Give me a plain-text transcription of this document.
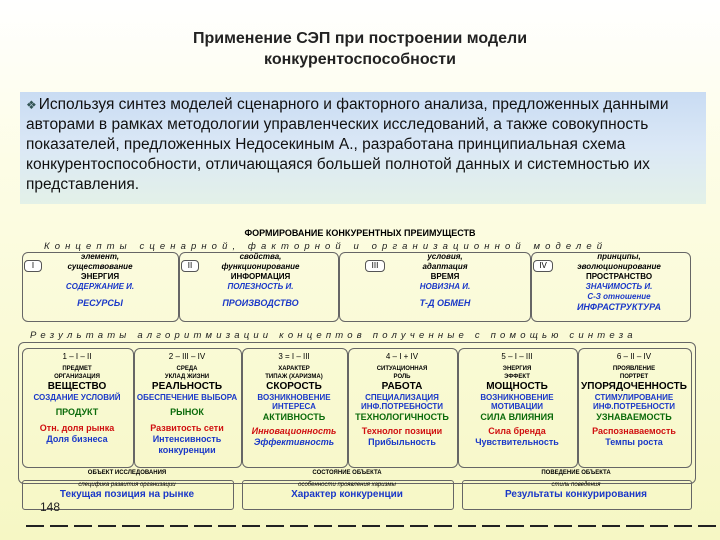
Применение СЭП при построении модели
конкурентоспособности
❖ Используя синтез моделей сценарного и факторного анализа, предложенных данными авторами в рамках методологии управленческих исследований, а также совокупность показателей, предложенных Недосекиным А., разработана принципиальная схема конкурентоспособности, отличающаяся большей полнотой данных и системностью их представления.
ФОРМИРОВАНИЕ КОНКУРЕНТНЫХ ПРЕИМУЩЕСТВ
Концепты сценарной, факторной и организационной моделей
I
элемент,
существование
ЭНЕРГИЯ
СОДЕРЖАНИЕ И.
РЕСУРСЫ
II
свойства,
функционирование
ИНФОРМАЦИЯ
ПОЛЕЗНОСТЬ И.
ПРОИЗВОДСТВО
III
условия,
адаптация
ВРЕМЯ
НОВИЗНА И.
Т-Д ОБМЕН
IV
принципы,
эволюционирование
ПРОСТРАНСТВО
ЗНАЧИМОСТЬ И.
С-З отношение
ИНФРАСТРУКТУРА
Результаты алгоритмизации концептов полученные с помощью синтеза
1 – I – II
ПРЕДМЕТ
ОРГАНИЗАЦИЯ
ВЕЩЕСТВО
СОЗДАНИЕ УСЛОВИЙ
ПРОДУКТ
Отн. доля рынка
Доля бизнеса
2 – III – IV
СРЕДА
УКЛАД ЖИЗНИ
РЕАЛЬНОСТЬ
ОБЕСПЕЧЕНИЕ ВЫБОРА
РЫНОК
Развитость сети
Интенсивность
конкуренции
3 = I – III
ХАРАКТЕР
ТИПАЖ (ХАРИЗМА)
СКОРОСТЬ
ВОЗНИКНОВЕНИЕ
ИНТЕРЕСА
АКТИВНОСТЬ
Инновационность
Эффективность
4 – I + IV
СИТУАЦИОННАЯ
РОЛЬ
РАБОТА
СПЕЦИАЛИЗАЦИЯ
ИНФ.ПОТРЕБНОСТИ
ТЕХНОЛОГИЧНОСТЬ
Технолог позиции
Прибыльность
5 – I – III
ЭНЕРГИЯ
ЭФФЕКТ
МОЩНОСТЬ
ВОЗНИКНОВЕНИЕ
МОТИВАЦИИ
СИЛА ВЛИЯНИЯ
Сила бренда
Чувствительность
6 – II – IV
ПРОЯВЛЕНИЕ
ПОРТРЕТ
УПОРЯДОЧЕННОСТЬ
СТИМУЛИРОВАНИЕ
ИНФ.ПОТРЕБНОСТИ
УЗНАВАЕМОСТЬ
Распознаваемость
Темпы роста
ОБЪЕКТ ИССЛЕДОВАНИЯ
специфика развития организации
Текущая позиция на рынке
СОСТОЯНИЕ ОБЪЕКТА
особенности проявления харизмы
Характер конкуренции
ПОВЕДЕНИЕ ОБЪЕКТА
стиль поведения
Результаты конкурирования
148
